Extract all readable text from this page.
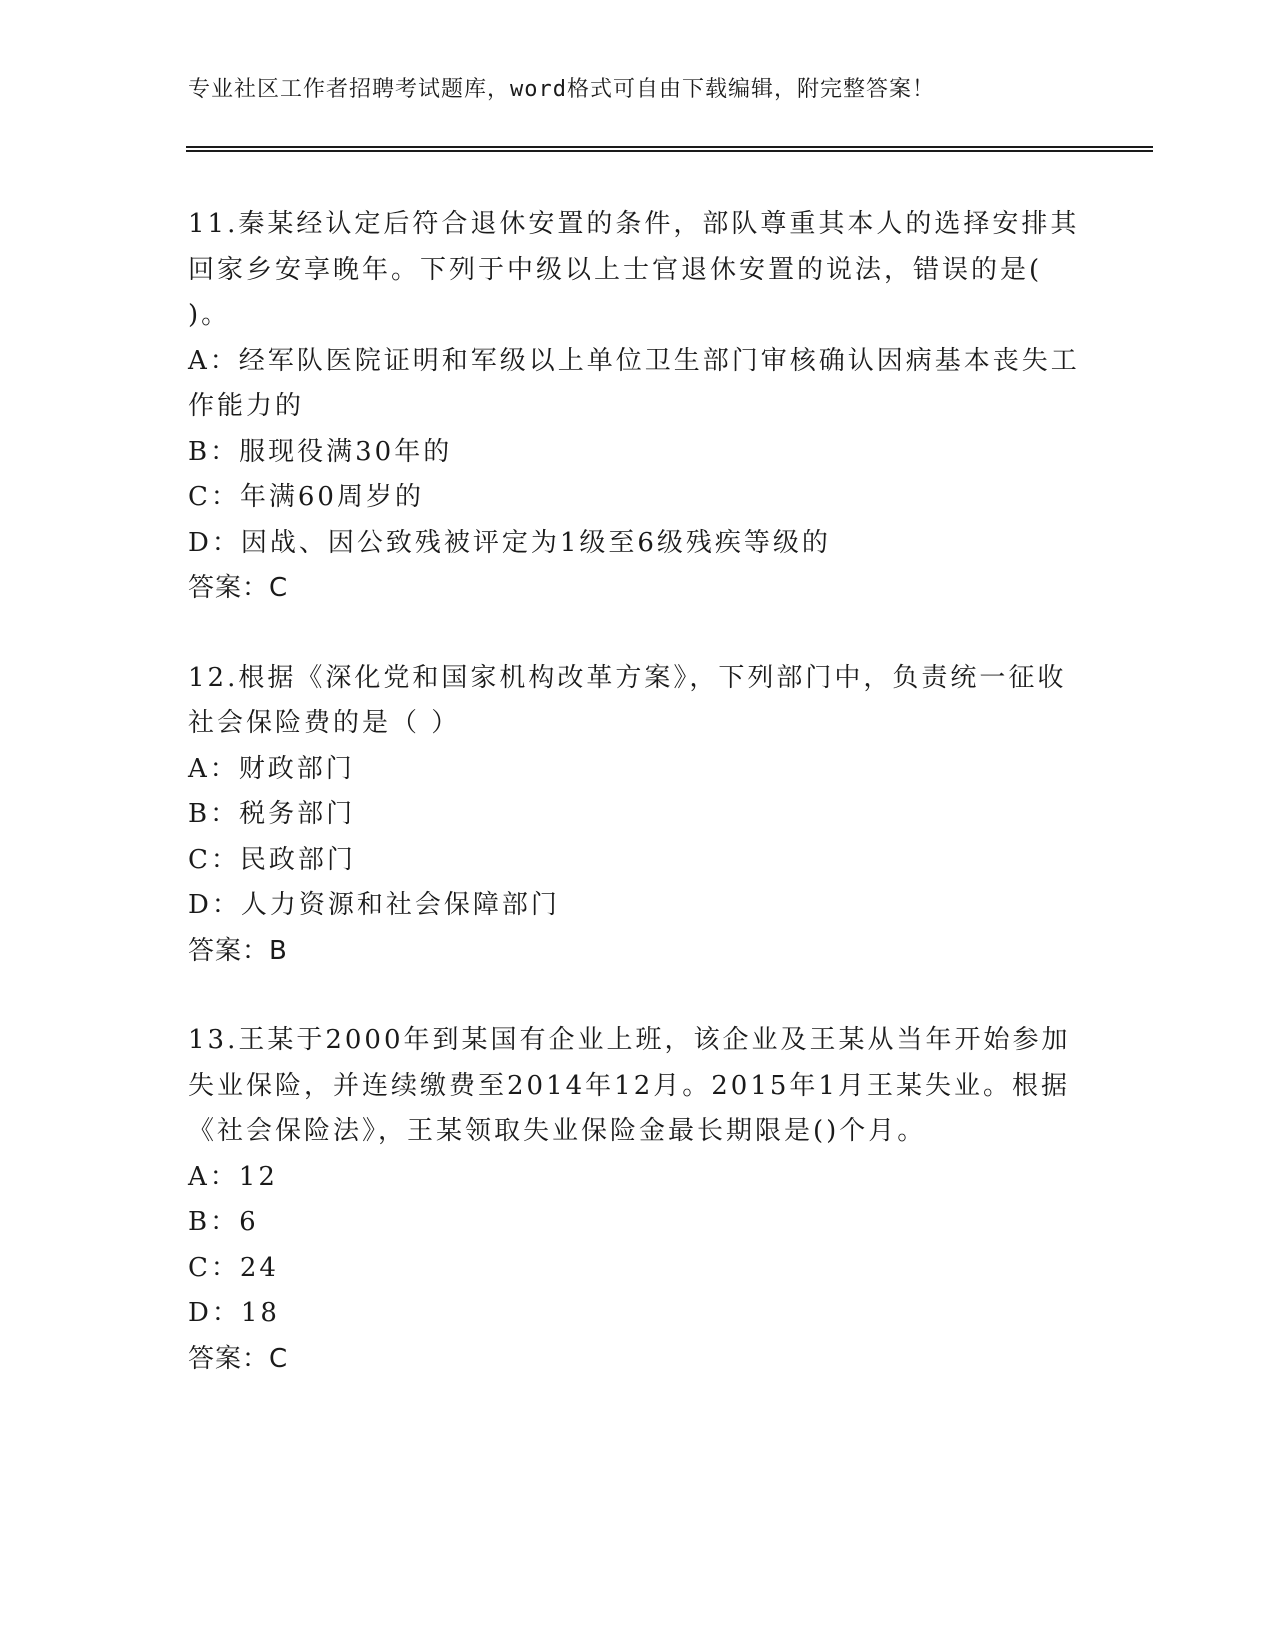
专业社区工作者招聘考试题库，word格式可自由下载编辑，附完整答案！

11.秦某经认定后符合退休安置的条件，部队尊重其本人的选择安排其回家乡安享晚年。下列于中级以上士官退休安置的说法，错误的是( )。

A：经军队医院证明和军级以上单位卫生部门审核确认因病基本丧失工作能力的

B：服现役满30年的

C：年满60周岁的

D：因战、因公致残被评定为1级至6级残疾等级的

答案：C

12.根据《深化党和国家机构改革方案》，下列部门中，负责统一征收社会保险费的是（ ）

A：财政部门

B：税务部门

C：民政部门

D：人力资源和社会保障部门

答案：B

13.王某于2000年到某国有企业上班，该企业及王某从当年开始参加失业保险，并连续缴费至2014年12月。2015年1月王某失业。根据《社会保险法》，王某领取失业保险金最长期限是()个月。

A：12

B：6

C：24

D：18

答案：C
